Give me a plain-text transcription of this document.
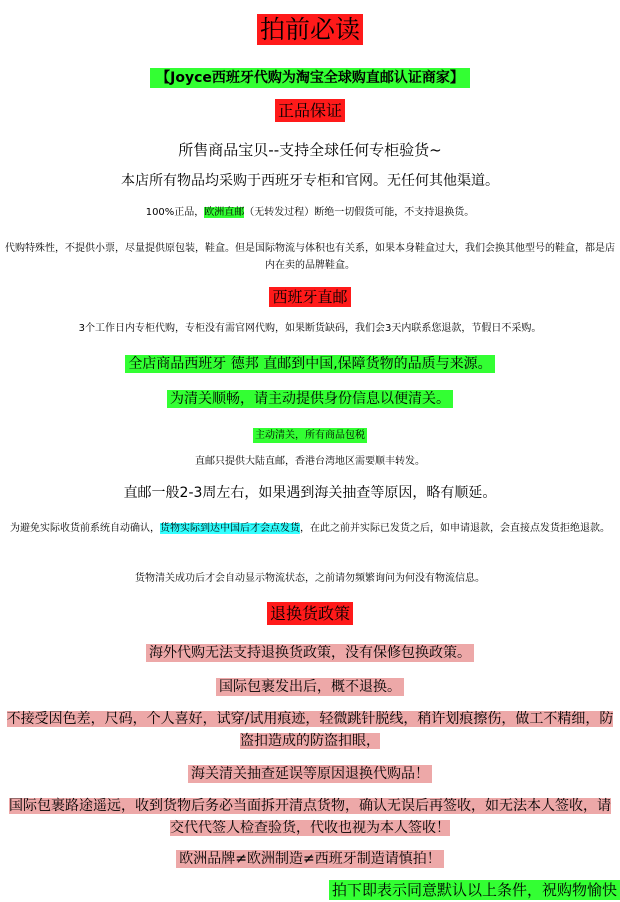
拍前必读
【Joyce西班牙代购为淘宝全球购直邮认证商家】
正品保证
所售商品宝贝--支持全球任何专柜验货~
本店所有物品均采购于西班牙专柜和官网。无任何其他渠道。
100%正品，欧洲直邮（无转发过程）断绝一切假货可能，不支持退换货。
代购特殊性，不提供小票，尽量提供原包装，鞋盒。但是国际物流与体积也有关系，如果本身鞋盒过大，我们会换其他型号的鞋盒，都是店内在卖的品牌鞋盒。
西班牙直邮
3个工作日内专柜代购，专柜没有需官网代购，如果断货缺码，我们会3天内联系您退款，节假日不采购。
全店商品西班牙 德邦 直邮到中国,保障货物的品质与来源。
为清关顺畅，请主动提供身份信息以便清关。
主动清关，所有商品包税
直邮只提供大陆直邮，香港台湾地区需要顺丰转发。
直邮一般2-3周左右，如果遇到海关抽查等原因，略有顺延。
为避免实际收货前系统自动确认，货物实际到达中国后才会点发货，在此之前并实际已发货之后，如申请退款，会直接点发货拒绝退款。
货物清关成功后才会自动显示物流状态，之前请勿频繁询问为何没有物流信息。
退换货政策
海外代购无法支持退换货政策，没有保修包换政策。
国际包裹发出后，概不退换。
不接受因色差，尺码，个人喜好，试穿/试用痕迹，轻微跳针脱线，稍许划痕擦伤，做工不精细，防盗扣造成的防盗扣眼，
海关清关抽查延误等原因退换代购品！
国际包裹路途遥远，收到货物后务必当面拆开清点货物，确认无误后再签收，如无法本人签收，请交代代签人检查验货，代收也视为本人签收！
欧洲品牌≠欧洲制造≠西班牙制造请慎拍！
拍下即表示同意默认以上条件，祝购物愉快
